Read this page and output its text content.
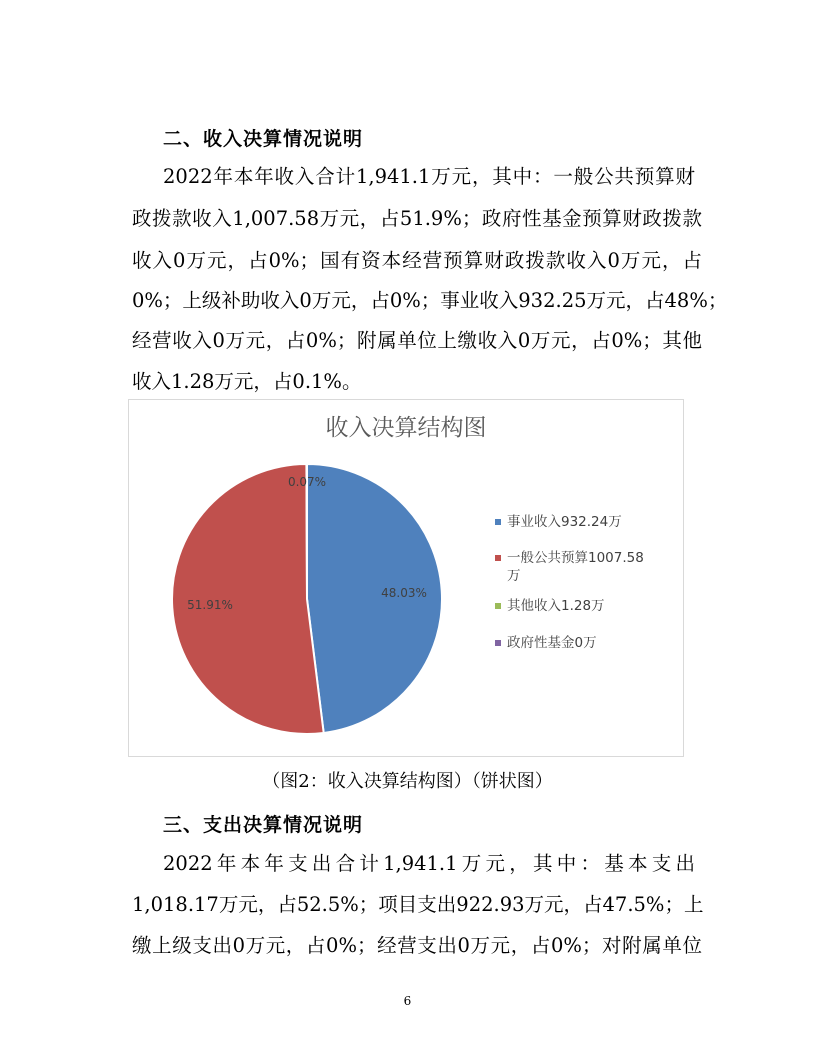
二、收入决算情况说明
2022年本年收入合计1,941.1万元，其中：一般公共预算财
政拨款收入1,007.58万元，占51.9%；政府性基金预算财政拨款
收入0万元，占0%；国有资本经营预算财政拨款收入0万元，占
0%；上级补助收入0万元，占0%；事业收入932.25万元，占48%；
经营收入0万元，占0%；附属单位上缴收入0万元，占0%；其他
收入1.28万元，占0.1%。
收入决算结构图
48.03%
51.91%
0.07%
事业收入932.24万
一般公共预算1007.58 万
其他收入1.28万
政府性基金0万
（图2：收入决算结构图）（饼状图）
三、支出决算情况说明
2022年本年支出合计1,941.1万元，其中：基本支出
1,018.17万元，占52.5%；项目支出922.93万元，占47.5%；上
缴上级支出0万元，占0%；经营支出0万元，占0%；对附属单位
6
